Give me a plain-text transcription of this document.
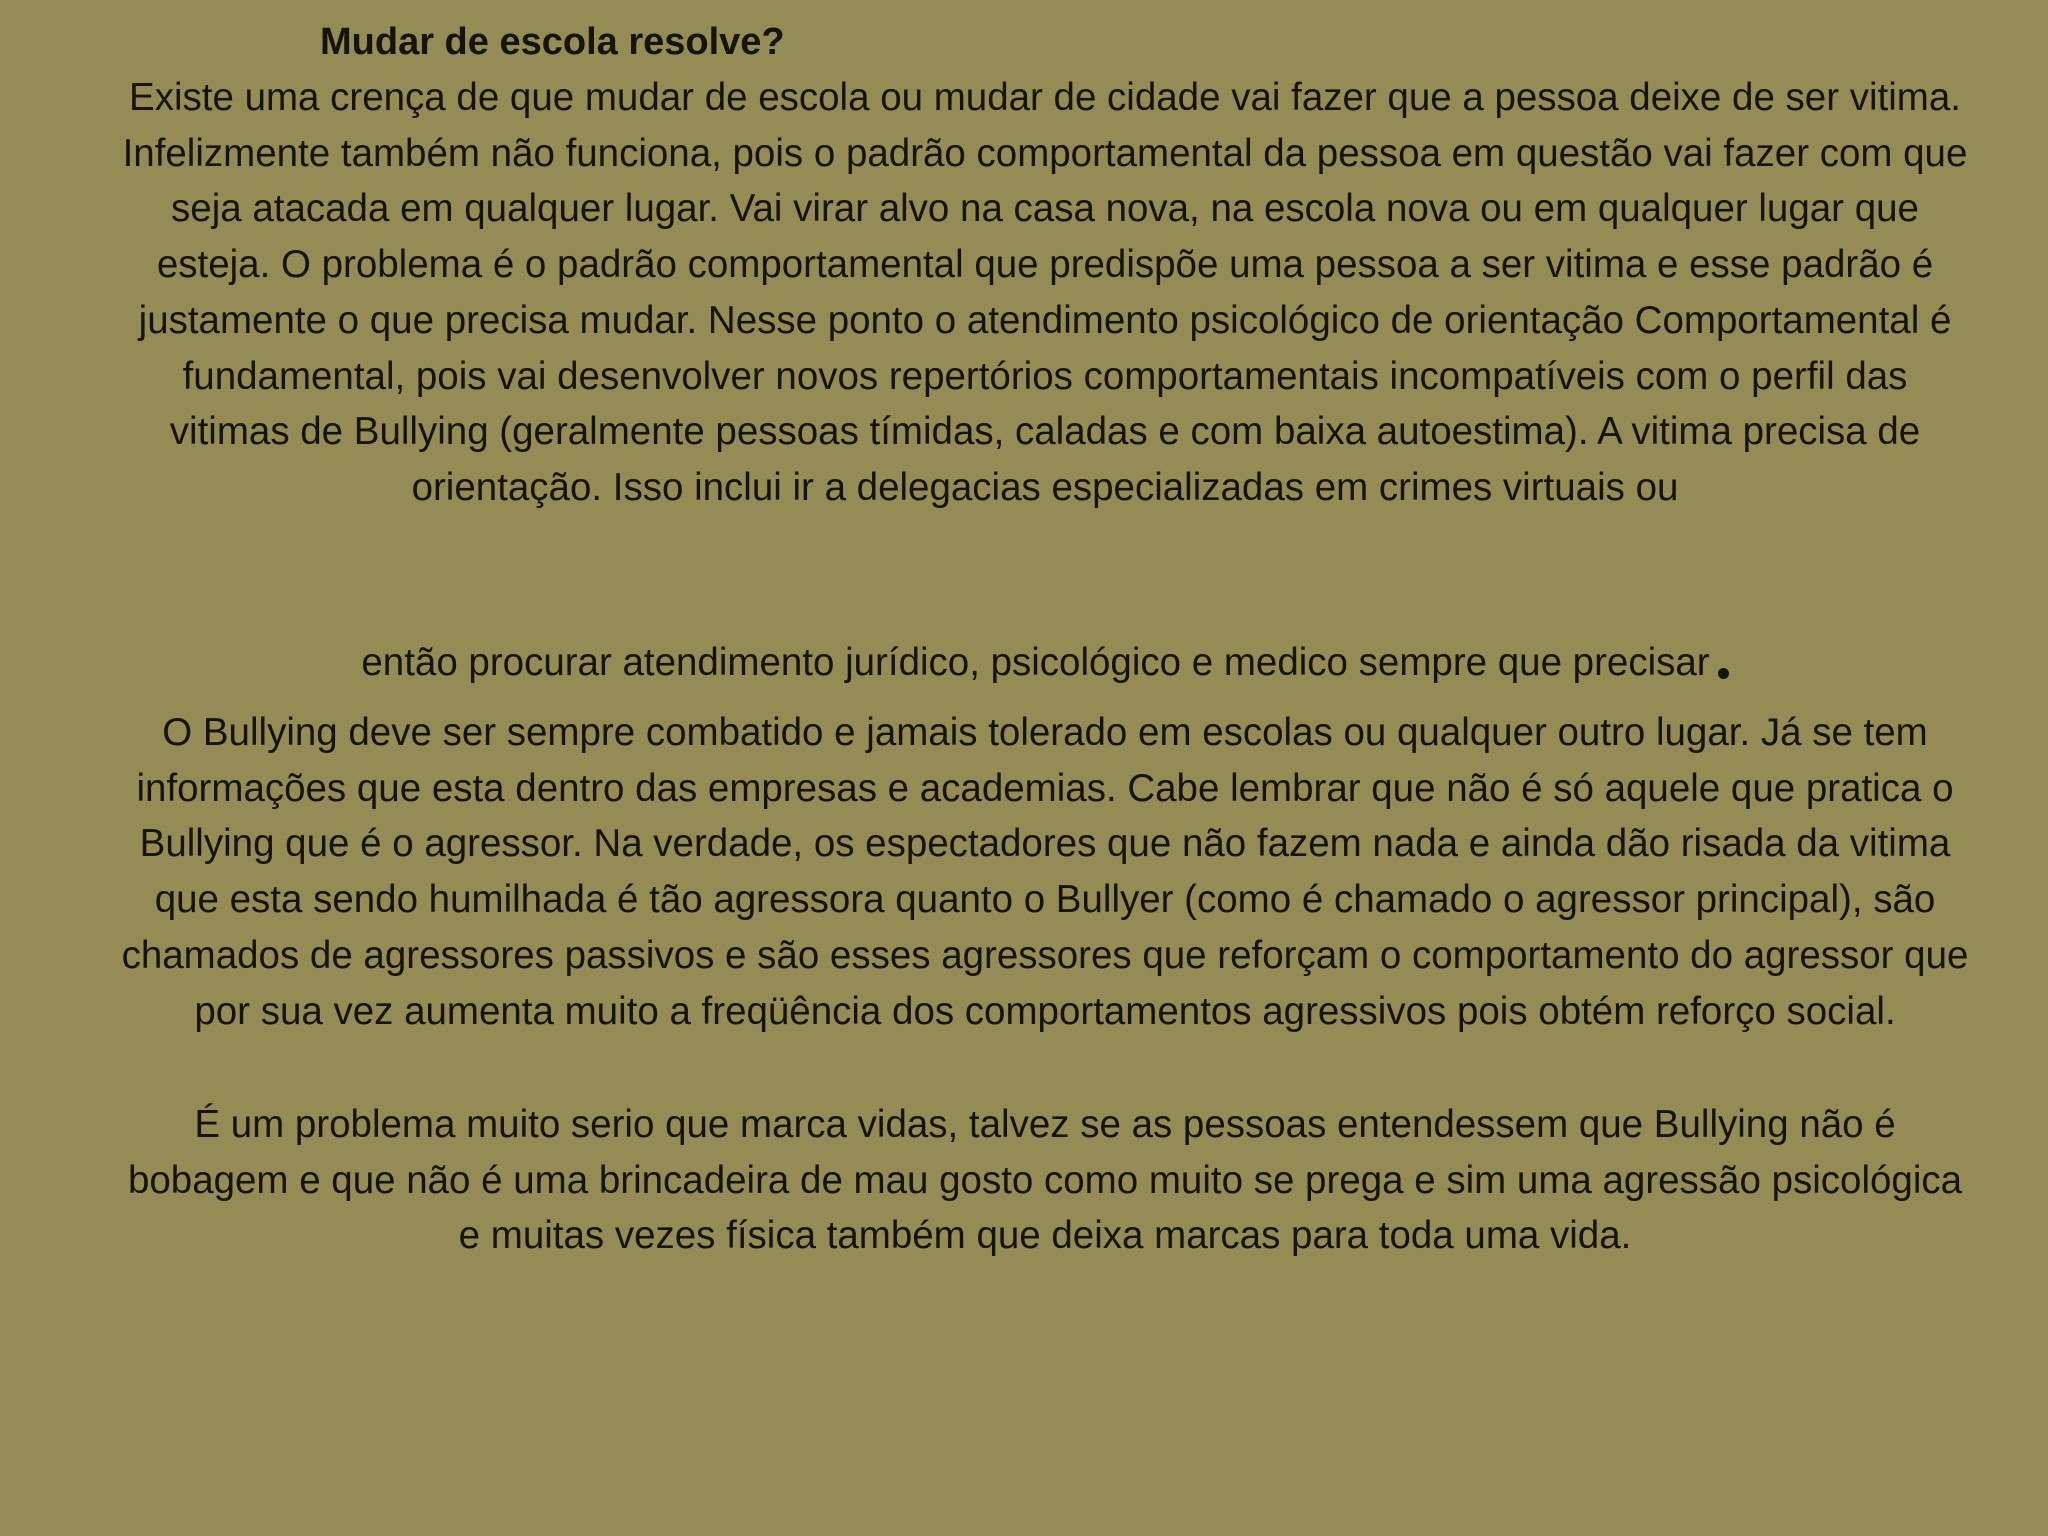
Mudar de escola resolve?

Existe uma crença de que mudar de escola ou mudar de cidade vai fazer que a pessoa deixe de ser vitima. Infelizmente também não funciona, pois o padrão comportamental da pessoa em questão vai fazer com que seja atacada em qualquer lugar. Vai virar alvo na casa nova, na escola nova ou em qualquer lugar que esteja. O problema é o padrão comportamental que predispõe uma pessoa a ser vitima e esse padrão é justamente o que precisa mudar. Nesse ponto o atendimento psicológico de orientação Comportamental é fundamental, pois vai desenvolver novos repertórios comportamentais incompatíveis com o perfil das vitimas de Bullying (geralmente pessoas tímidas, caladas e com baixa autoestima). A vitima precisa de orientação. Isso inclui ir a delegacias especializadas em crimes virtuais ou

então procurar atendimento jurídico, psicológico e medico sempre que precisar

O Bullying deve ser sempre combatido e jamais tolerado em escolas ou qualquer outro lugar. Já se tem informações que esta dentro das empresas e academias. Cabe lembrar que não é só aquele que pratica o Bullying que é o agressor. Na verdade, os espectadores que não fazem nada e ainda dão risada da vitima que esta sendo humilhada é tão agressora quanto o Bullyer (como é chamado o agressor principal), são chamados de agressores passivos e são esses agressores que reforçam o comportamento do agressor que por sua vez aumenta muito a freqüência dos comportamentos agressivos pois obtém reforço social.

É um problema muito serio que marca vidas, talvez se as pessoas entendessem que Bullying não é bobagem e que não é uma brincadeira de mau gosto como muito se prega e sim uma agressão psicológica e muitas vezes física também que deixa marcas para toda uma vida.
